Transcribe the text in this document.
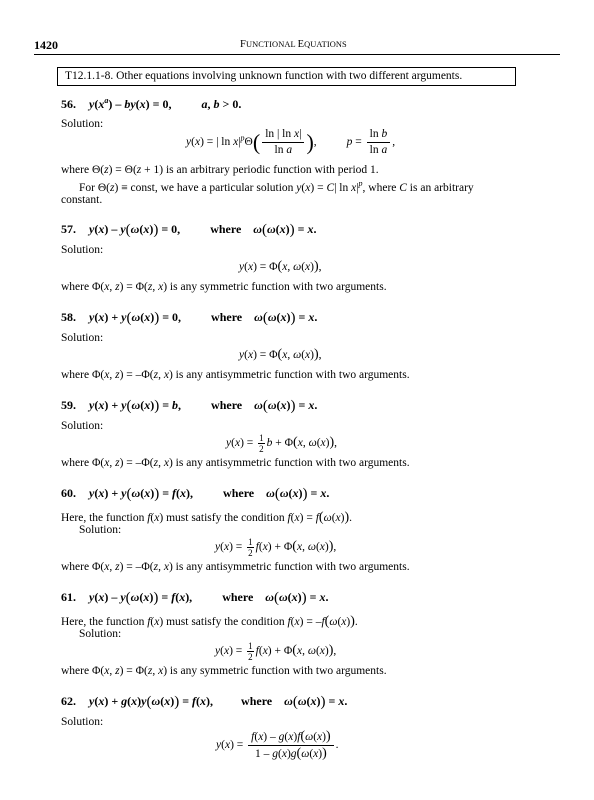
1420	FUNCTIONAL EQUATIONS
T12.1.1-8. Other equations involving unknown function with two different arguments.
56. $y(x^a) - by(x) = 0$,	a, b > 0.
Solution:
y(x) = | $\ln x|^p\Theta( \frac{\text{ln | ln x|}}{\text{ln a}}$ ),	$p = \frac{\text{ln b}}{\text{ln a}}$ ,
where Θ(z) = Θ(z + 1) is an arbitrary periodic function with period 1.
For Θ(z) ≡ const, we have a particular solution y(x) = C| $\ln x|^p$, where C is an arbitrary
constant.
57. y(x) – y(ω(x)) = 0,	where ω(ω(x)) = x.
Solution:
y(x) = Φ(x, ω(x)),
where Φ(x, z) = Φ(z, x) is any symmetric function with two arguments.
58. y(x) + y(ω(x)) = 0,	where ω(ω(x)) = x.
Solution:
y(x) = Φ(x, ω(x)),
where Φ(x, z) = –Φ(z, x) is any antisymmetric function with two arguments.
59. y(x) + y(ω(x)) = b,	where ω(ω(x)) = x.
Solution:
$y(x) = \frac{1}{2}$ b + Φ(x, ω(x)),
where Φ(x, z) = –Φ(z, x) is any antisymmetric function with two arguments.
60. y(x) + y(ω(x)) = f(x),	where ω(ω(x)) = x.
Here, the function f(x) must satisfy the condition f(x) = f(ω(x)).
Solution:
$y(x) = \frac{1}{2} f(x) + \Phi(x$, ω(x)),
where Φ(x, z) = –Φ(z, x) is any antisymmetric function with two arguments.
61. y(x) – y(ω(x)) = f(x),	where ω(ω(x)) = x.
Here, the function f(x) must satisfy the condition f(x) = –f(ω(x)).
Solution:
$y(x) = \frac{1}{2} f(x) + \Phi(x$, ω(x)),
where Φ(x, z) = Φ(z, x) is any symmetric function with two arguments.
62. y(x) + g(x)y(ω(x)) = f(x), where ω(ω(x)) = x.
Solution:
$y(x) = \frac{f(x) - g(x)f(\omega(x))}{1 - g(x)g(\omega(x))}$ .
